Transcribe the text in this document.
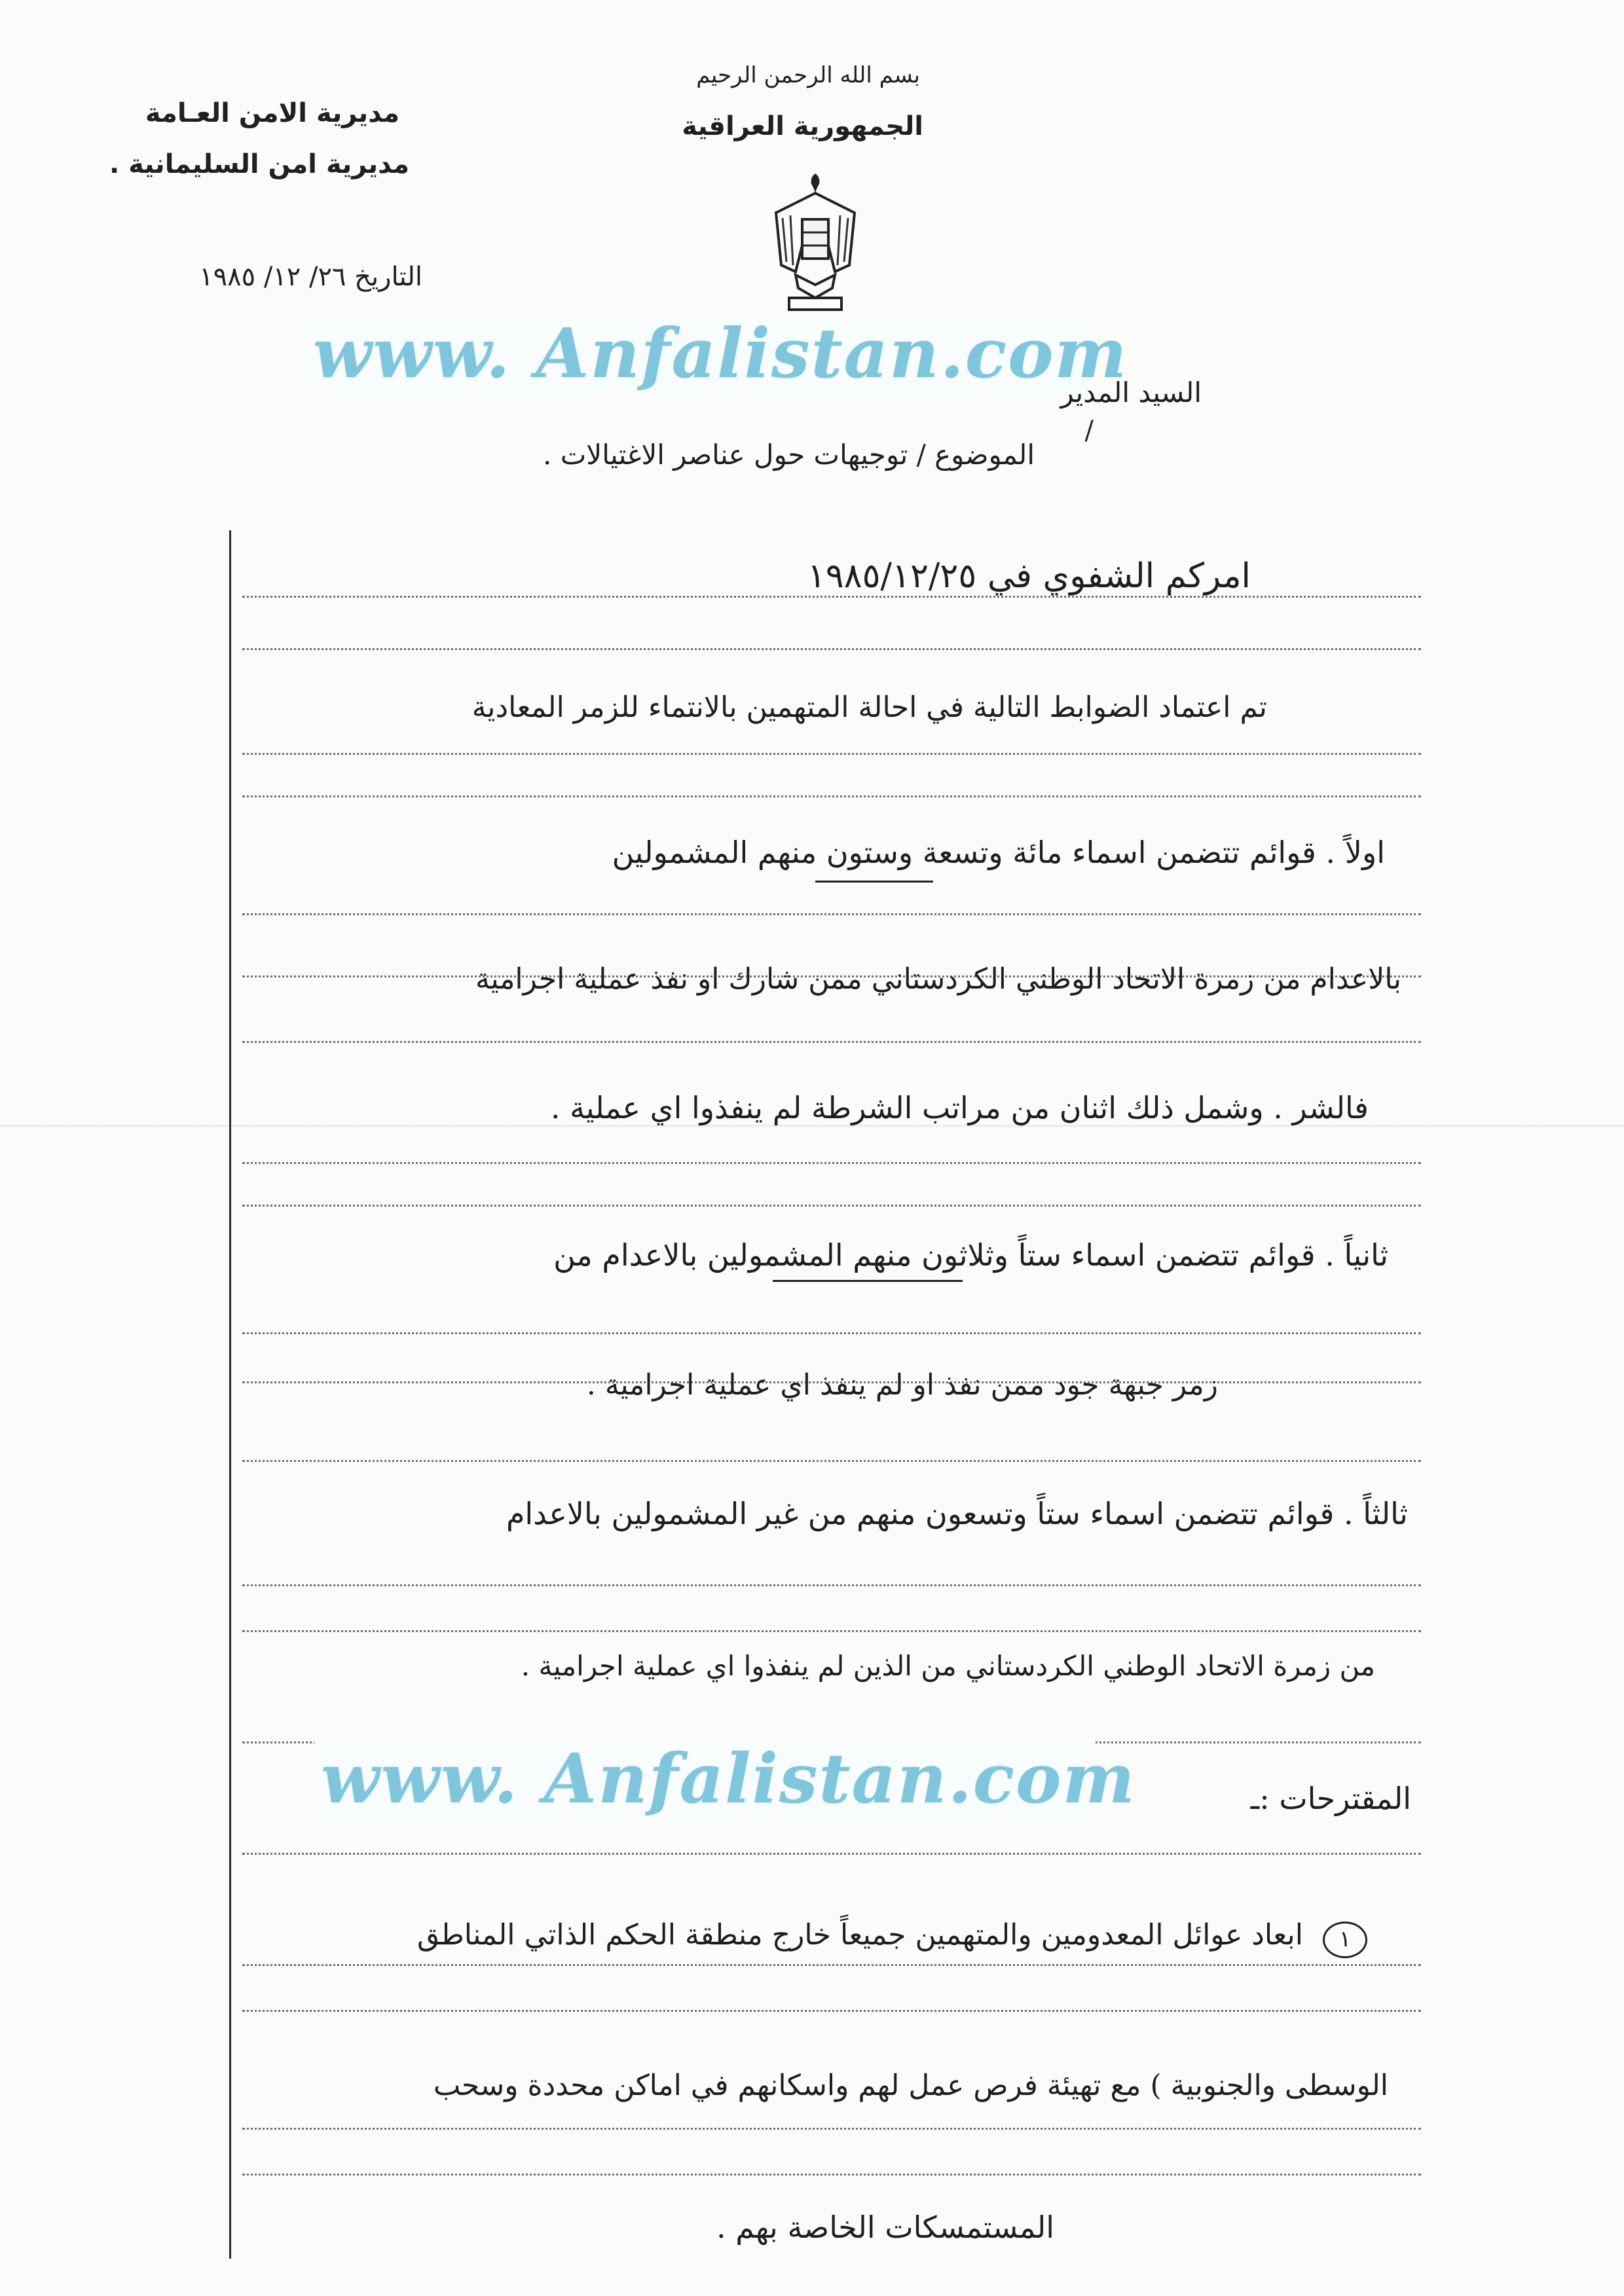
بسم الله الرحمن الرحيم
الجمهورية العراقية
مديرية الامن العـامة
مديرية امن السليمانية .
التاريخ ٢٦/ ١٢/ ١٩٨٥
www. Anfalistan.com
السيد المدير
/
الموضوع / توجيهات حول عناصر الاغتيالات .
امركم الشفوي في ١٩٨٥/١٢/٢٥
تم اعتماد الضوابط التالية في احالة المتهمين بالانتماء للزمر المعادية
اولاً . قوائم تتضمن اسماء مائة وتسعة وستون منهم المشمولين
بالاعدام من زمرة الاتحاد الوطني الكردستاني ممن شارك او نفذ عملية اجرامية
فالشر . وشمل ذلك اثنان من مراتب الشرطة لم ينفذوا اي عملية .
ثانياً . قوائم تتضمن اسماء ستاً وثلاثون منهم المشمولين بالاعدام من
زمر جبهة جود ممن نفذ او لم ينفذ اي عملية اجرامية .
ثالثاً . قوائم تتضمن اسماء ستاً وتسعون منهم من غير المشمولين بالاعدام
من زمرة الاتحاد الوطني الكردستاني من الذين لم ينفذوا اي عملية اجرامية .
www. Anfalistan.com	المقترحات :ـ
١
ابعاد عوائل المعدومين والمتهمين جميعاً خارج منطقة الحكم الذاتي المناطق
الوسطى والجنوبية ) مع تهيئة فرص عمل لهم واسكانهم في اماكن محددة وسحب
المستمسكات الخاصة بهم .
